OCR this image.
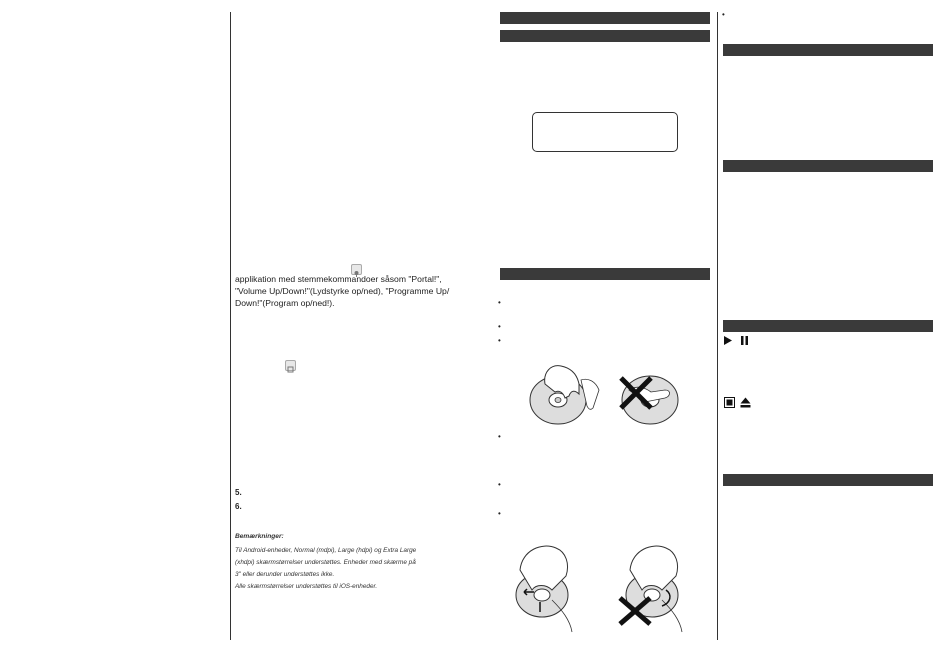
applikation med stemmekommandoer såsom "Portal!",
"Volume Up/Down!"(Lydstyrke op/ned), "Programme Up/
Down!"(Program op/ned!).
5.
6.
Bemærkninger:
Til Android-enheder, Normal (mdpi), Large (hdpi) og Extra Large
(xhdpi) skærmstørrelser understøttes. Enheder med skærme på
3" eller derunder understøttes ikke.
Alle skærmstørrelser understøttes til iOS-enheder.
•
•
•
•
•
•
•
